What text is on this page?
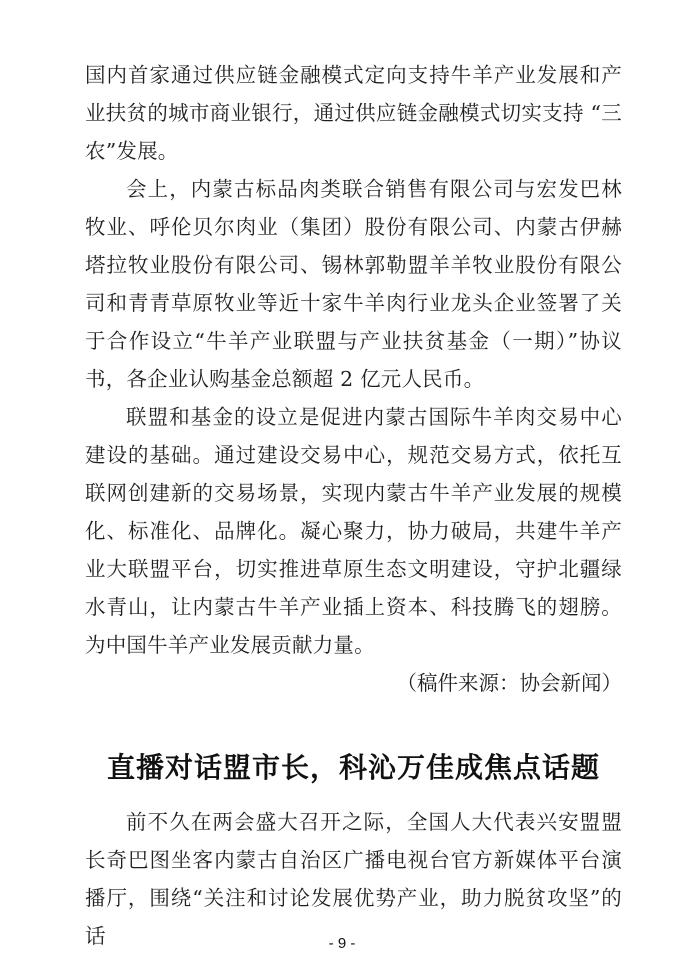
国内首家通过供应链金融模式定向支持牛羊产业发展和产业扶贫的城市商业银行，通过供应链金融模式切实支持 “三农”发展。

会上，内蒙古标品肉类联合销售有限公司与宏发巴林牧业、呼伦贝尔肉业（集团）股份有限公司、内蒙古伊赫塔拉牧业股份有限公司、锡林郭勒盟羊羊牧业股份有限公司和青青草原牧业等近十家牛羊肉行业龙头企业签署了关于合作设立“牛羊产业联盟与产业扶贫基金（一期）”协议书，各企业认购基金总额超 2 亿元人民币。

联盟和基金的设立是促进内蒙古国际牛羊肉交易中心建设的基础。通过建设交易中心，规范交易方式，依托互联网创建新的交易场景，实现内蒙古牛羊产业发展的规模化、标准化、品牌化。凝心聚力，协力破局，共建牛羊产业大联盟平台，切实推进草原生态文明建设，守护北疆绿水青山，让内蒙古牛羊产业插上资本、科技腾飞的翅膀。为中国牛羊产业发展贡献力量。

（稿件来源：协会新闻）

直播对话盟市长，科沁万佳成焦点话题

前不久在两会盛大召开之际，全国人大代表兴安盟盟长奇巴图坐客内蒙古自治区广播电视台官方新媒体平台演播厅，围绕“关注和讨论发展优势产业，助力脱贫攻坚”的话	- 9 -
